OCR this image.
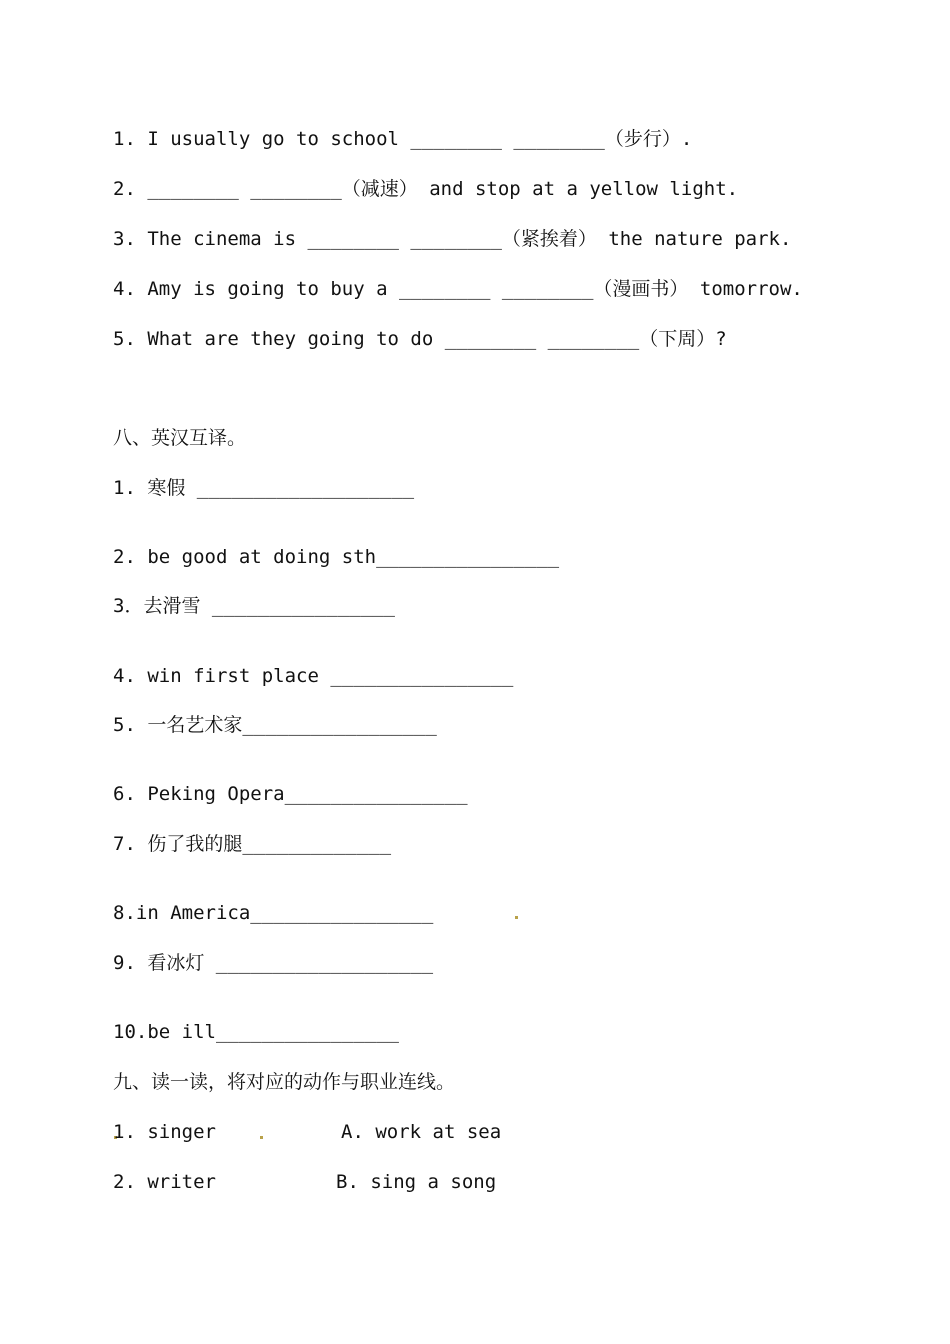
1. I usually go to school ________ ________（步行）.
2. ________ ________（减速） and stop at a yellow light.
3. The cinema is ________ ________（紧挨着） the nature park.
4. Amy is going to buy a ________ ________（漫画书） tomorrow.
5. What are they going to do ________ ________（下周）?
八、英汉互译。
1. 寒假 ___________________
2. be good at doing sth________________
3．去滑雪 ________________
4. win first place ________________
5. 一名艺术家_________________
6. Peking Opera________________
7. 伤了我的腿_____________
8.in America________________
9. 看冰灯 ___________________
10.be ill________________
九、读一读，将对应的动作与职业连线。
1. singer	A. work at sea
2. writer	B. sing a song
